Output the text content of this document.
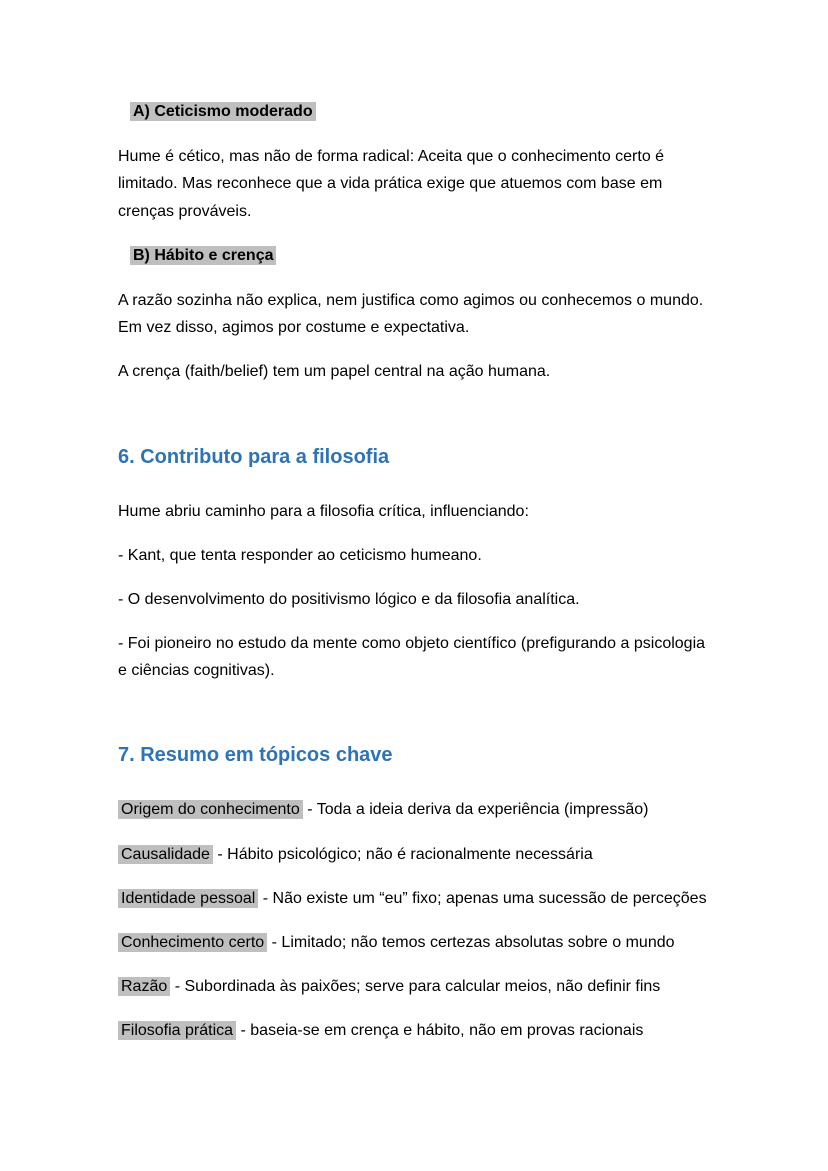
A) Ceticismo moderado

Hume é cético, mas não de forma radical: Aceita que o conhecimento certo é limitado. Mas reconhece que a vida prática exige que atuemos com base em crenças prováveis.

B) Hábito e crença

A razão sozinha não explica, nem justifica como agimos ou conhecemos o mundo. Em vez disso, agimos por costume e expectativa.

A crença (faith/belief) tem um papel central na ação humana.

6. Contributo para a filosofia

Hume abriu caminho para a filosofia crítica, influenciando:

- Kant, que tenta responder ao ceticismo humeano.

- O desenvolvimento do positivismo lógico e da filosofia analítica.

- Foi pioneiro no estudo da mente como objeto científico (prefigurando a psicologia e ciências cognitivas).

7. Resumo em tópicos chave

Origem do conhecimento - Toda a ideia deriva da experiência (impressão)

Causalidade - Hábito psicológico; não é racionalmente necessária

Identidade pessoal - Não existe um “eu” fixo; apenas uma sucessão de perceções

Conhecimento certo - Limitado; não temos certezas absolutas sobre o mundo

Razão - Subordinada às paixões; serve para calcular meios, não definir fins

Filosofia prática - baseia-se em crença e hábito, não em provas racionais
